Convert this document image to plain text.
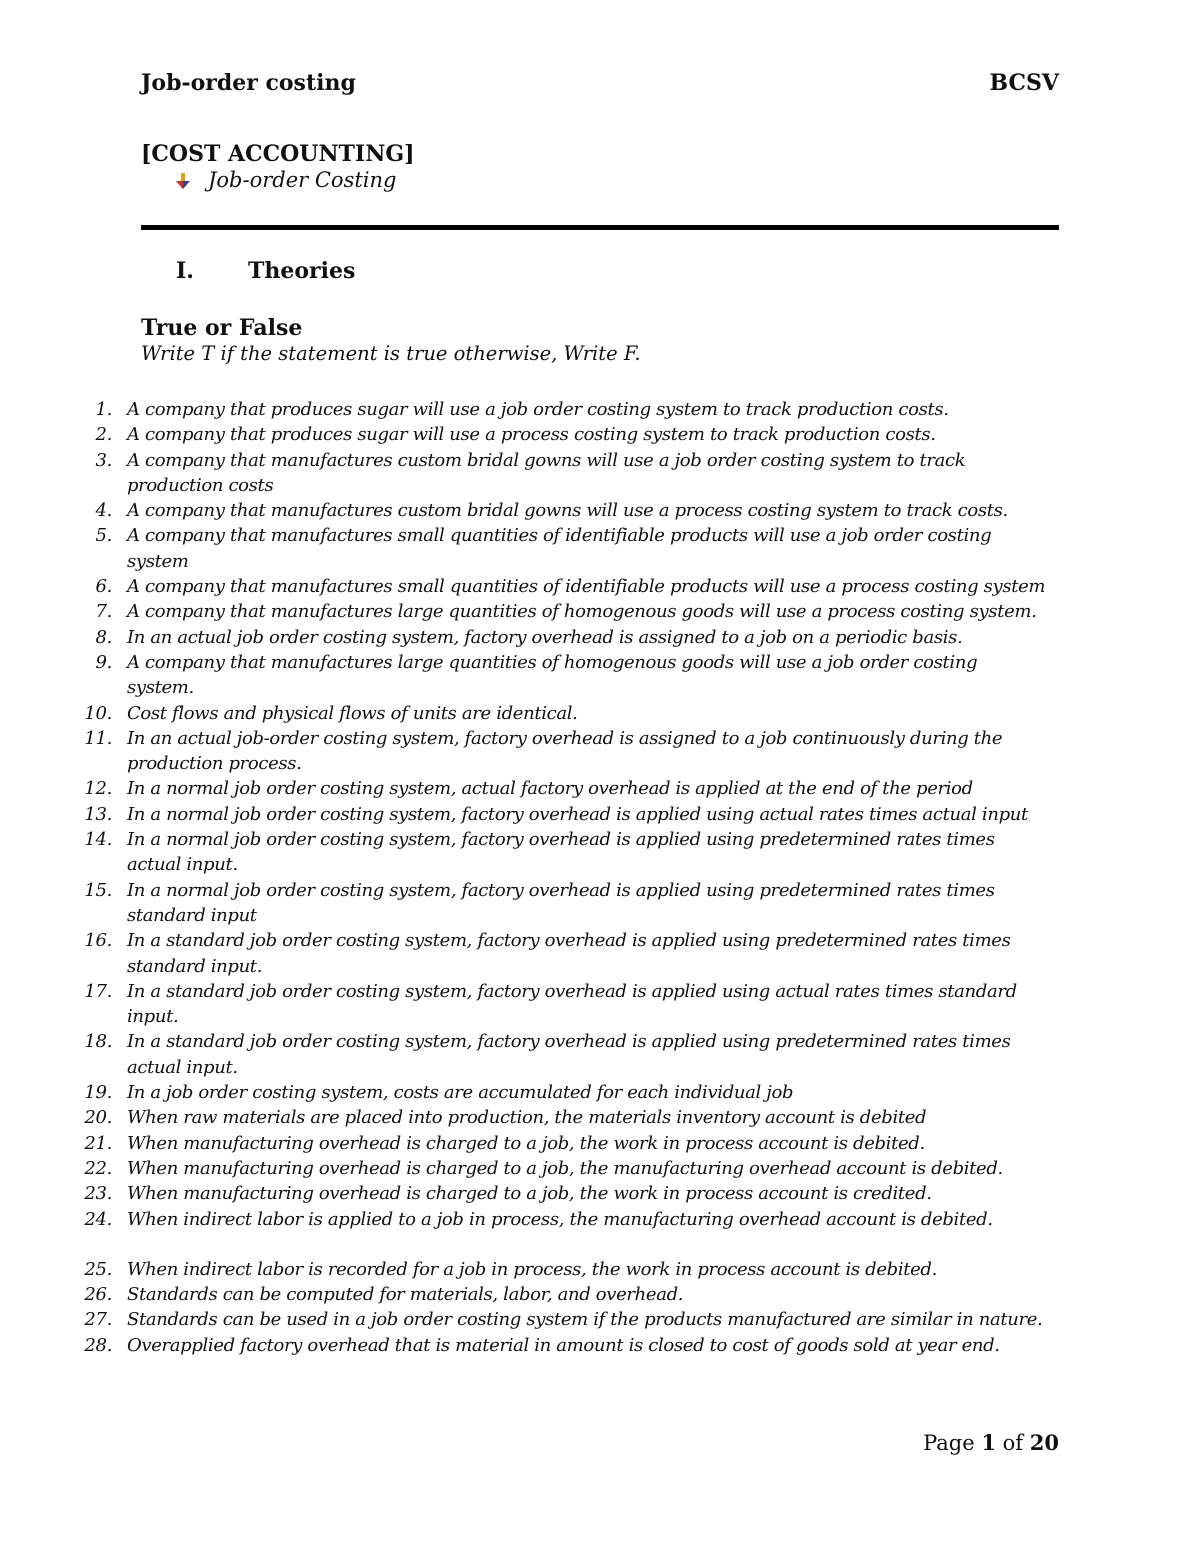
Job-order costing	BCSV
[COST ACCOUNTING]
Job-order Costing
I.	Theories
True or False
Write T if the statement is true otherwise, Write F.
1. A company that produces sugar will use a job order costing system to track production costs.
2. A company that produces sugar will use a process costing system to track production costs.
3. A company that manufactures custom bridal gowns will use a job order costing system to track production costs
4. A company that manufactures custom bridal gowns will use a process costing system to track costs.
5. A company that manufactures small quantities of identifiable products will use a job order costing system
6. A company that manufactures small quantities of identifiable products will use a process costing system
7. A company that manufactures large quantities of homogenous goods will use a process costing system.
8. In an actual job order costing system, factory overhead is assigned to a job on a periodic basis.
9. A company that manufactures large quantities of homogenous goods will use a job order costing system.
10. Cost flows and physical flows of units are identical.
11. In an actual job-order costing system, factory overhead is assigned to a job continuously during the production process.
12. In a normal job order costing system, actual factory overhead is applied at the end of the period
13. In a normal job order costing system, factory overhead is applied using actual rates times actual input
14. In a normal job order costing system, factory overhead is applied using predetermined rates times actual input.
15. In a normal job order costing system, factory overhead is applied using predetermined rates times standard input
16. In a standard job order costing system, factory overhead is applied using predetermined rates times standard input.
17. In a standard job order costing system, factory overhead is applied using actual rates times standard input.
18. In a standard job order costing system, factory overhead is applied using predetermined rates times actual input.
19. In a job order costing system, costs are accumulated for each individual job
20. When raw materials are placed into production, the materials inventory account is debited
21. When manufacturing overhead is charged to a job, the work in process account is debited.
22. When manufacturing overhead is charged to a job, the manufacturing overhead account is debited.
23. When manufacturing overhead is charged to a job, the work in process account is credited.
24. When indirect labor is applied to a job in process, the manufacturing overhead account is debited.
25. When indirect labor is recorded for a job in process, the work in process account is debited.
26. Standards can be computed for materials, labor, and overhead.
27. Standards can be used in a job order costing system if the products manufactured are similar in nature.
28. Overapplied factory overhead that is material in amount is closed to cost of goods sold at year end.
Page 1 of 20
